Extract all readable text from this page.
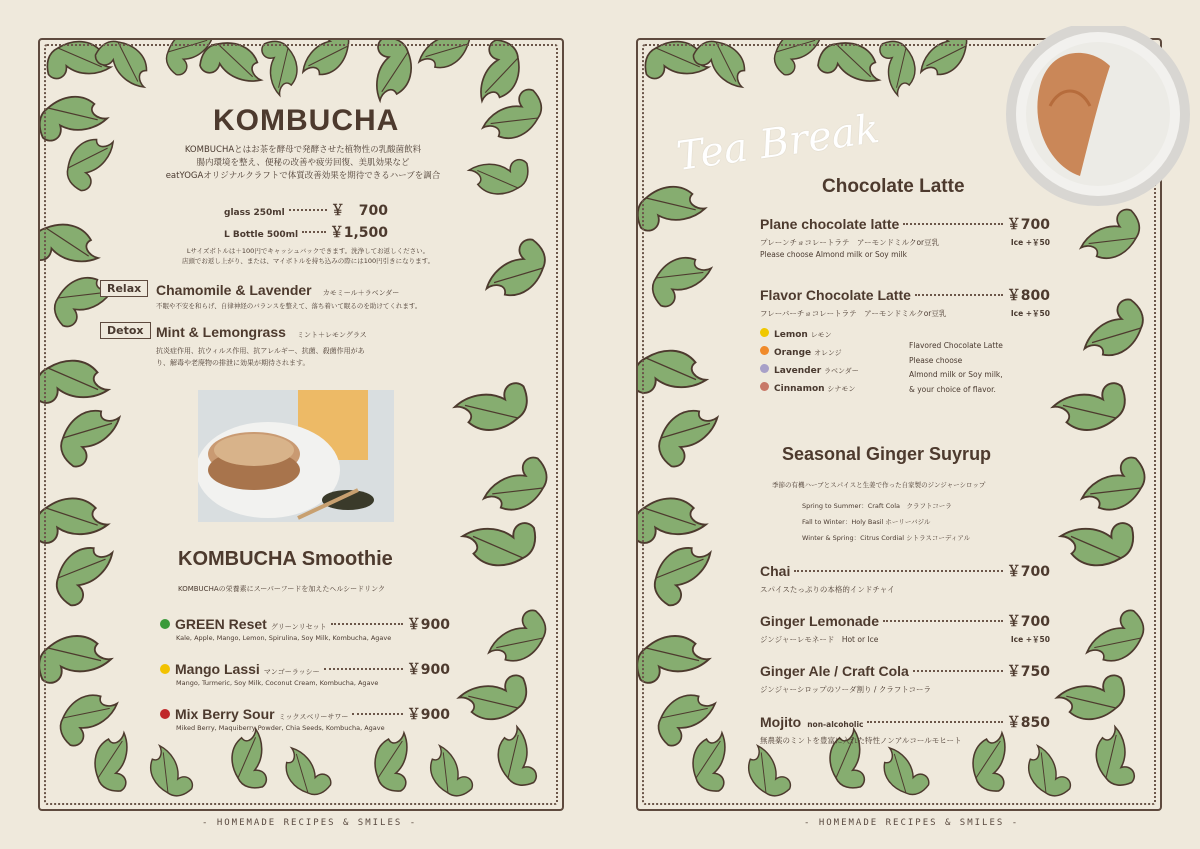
KOMBUCHA
KOMBUCHAとはお茶を酵母で発酵させた植物性の乳酸菌飲料
腸内環境を整え、便秘の改善や疲労回復、美肌効果など
eatYOGAオリジナルクラフトで体質改善効果を期待できるハーブを調合
glass 250ml	￥　700
L Bottle 500ml ￥1,500
Lサイズボトルは＋100円でキャッシュバックできます。洗浄してお返しください。
店頭でお返し上がり、または、マイボトルを持ち込みの際には100円引きになります。
Relax	Chamomile & Lavender カモミール＋ラベンダー
不眠や不安を和らげ、自律神経のバランスを整えて、落ち着いて眠るのを助けてくれます。
Detox Mint & Lemongrass ミント＋レモングラス
抗炎症作用、抗ウィルス作用、抗アレルギー、抗菌、殺菌作用があり、解毒や老廃物の排泄に効果が期待されます。
KOMBUCHA Smoothie
KOMBUCHAの栄養素にスーパーフードを加えたヘルシードリンク
GREEN Reset グリーンリセット	￥900
Kale, Apple, Mango, Lemon, Spirulina, Soy Milk, Kombucha, Agave
Mango Lassi マンゴーラッシー	￥900
Mango, Turmeric, Soy Milk, Coconut Cream, Kombucha, Agave
Mix Berry Sour ミックスベリーサワー	￥900
Miked Berry, Maquiberry Powder, Chia Seeds, Kombucha, Agave
- HOMEMADE RECIPES & SMILES -
Tea Break
Chocolate Latte
Plane chocolate latte	￥700
プレーンチョコレートラテ　アーモンドミルクor豆乳	Ice +￥50
Please choose Almond milk or Soy milk
Flavor Chocolate Latte	￥800
フレーバーチョコレートラテ　アーモンドミルクor豆乳	Ice +￥50
Lemon レモン
Orange オレンジ
Lavender ラベンダー
Cinnamon シナモン
Flavored Chocolate Latte
Please choose
Almond milk or Soy milk,
& your choice of flavor.
Seasonal Ginger Suyrup
季節の有機ハーブとスパイスと生姜で作った自家製のジンジャーシロップ
Spring to Summer：Craft Cola　クラフトコーラ
Fall to Winter：Holy Basil ホーリーバジル
Winter & Spring：Citrus Cordial シトラスコーディアル
Chai	￥700
スパイスたっぷりの本格的インドチャイ
Ginger Lemonade	￥700
ジンジャーレモネード　Hot or Ice	Ice +￥50
Ginger Ale / Craft Cola	￥750
ジンジャーシロップのソーダ割り / クラフトコーラ
Mojito non-alcoholic	￥850
無農薬のミントを豊富に入れた特性ノンアルコールモヒート
- HOMEMADE RECIPES & SMILES -
